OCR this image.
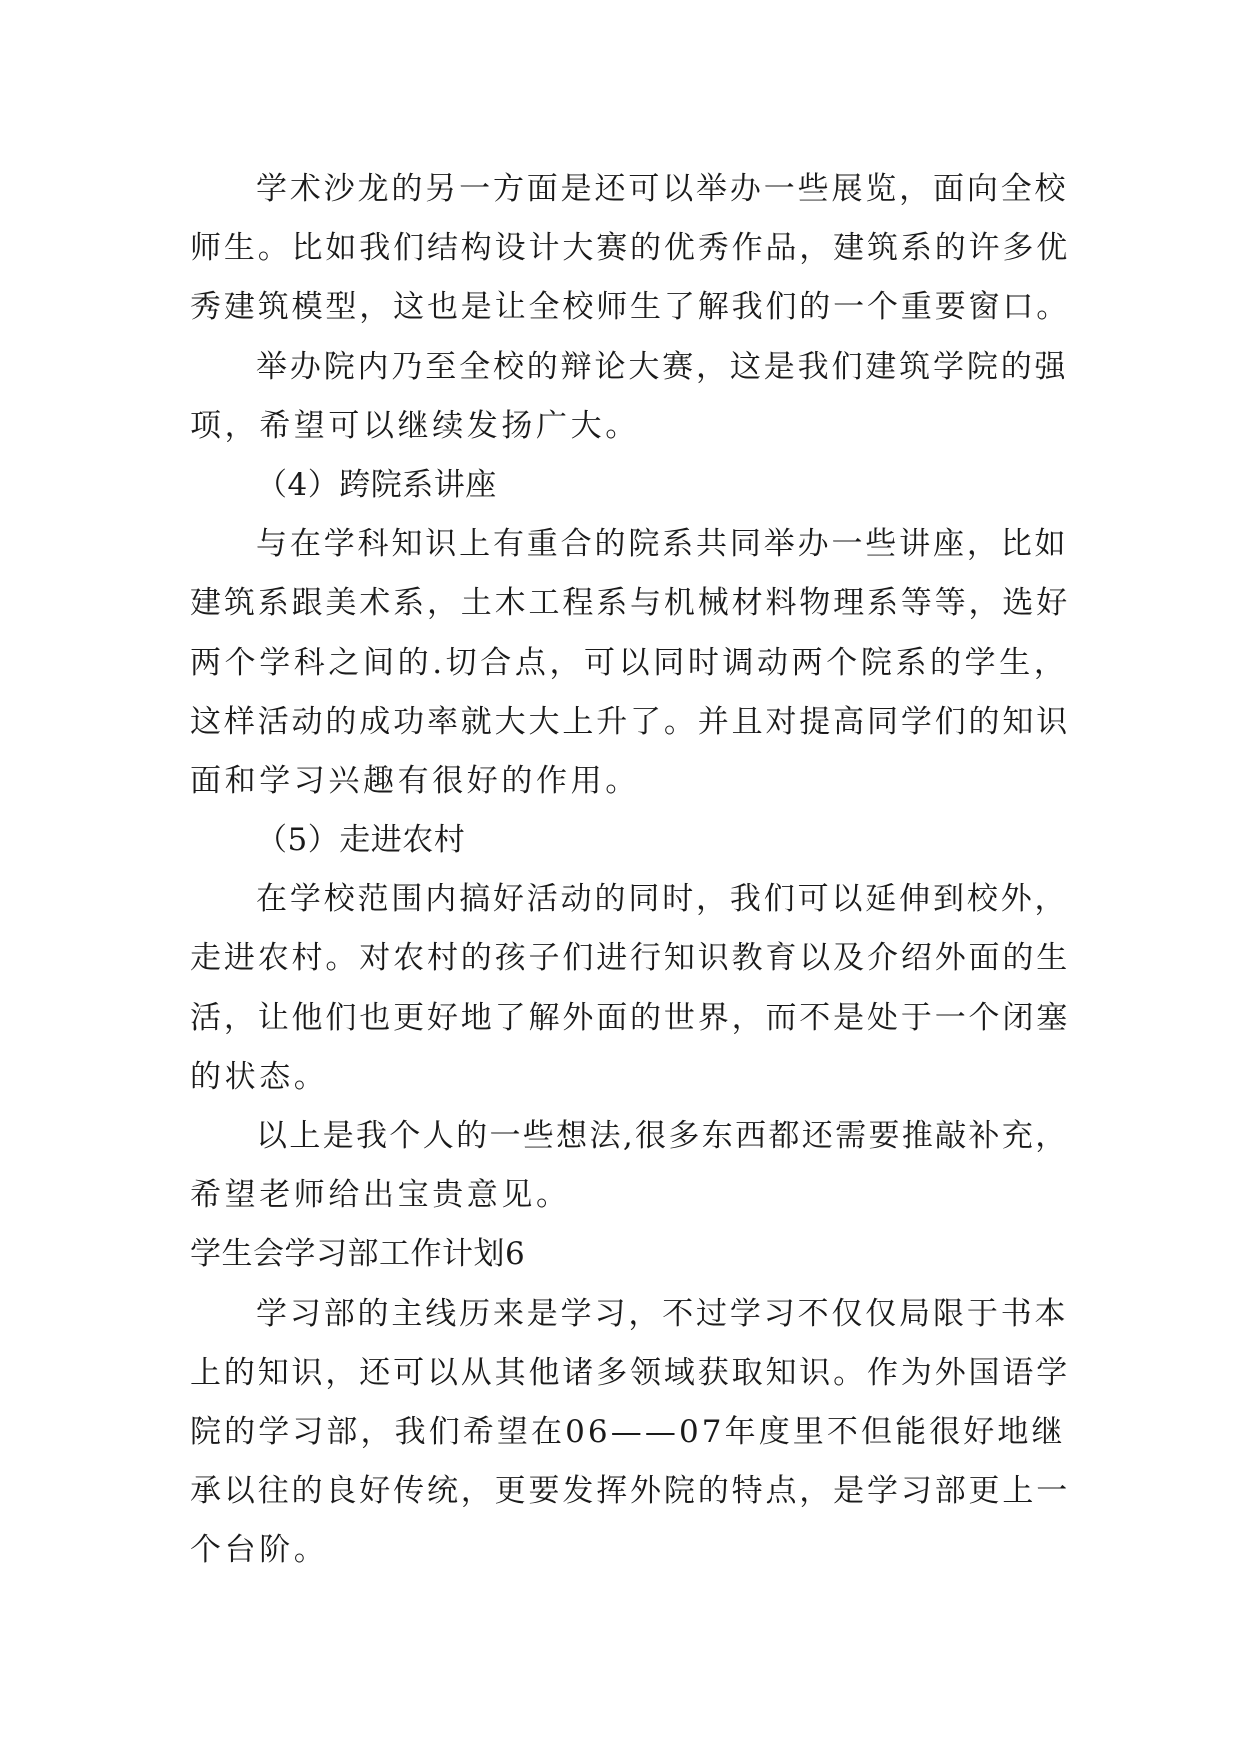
学术沙龙的另一方面是还可以举办一些展览，面向全校

师生。比如我们结构设计大赛的优秀作品，建筑系的许多优

秀建筑模型，这也是让全校师生了解我们的一个重要窗口。

举办院内乃至全校的辩论大赛，这是我们建筑学院的强

项，希望可以继续发扬广大。

（4）跨院系讲座

与在学科知识上有重合的院系共同举办一些讲座，比如

建筑系跟美术系，土木工程系与机械材料物理系等等，选好

两个学科之间的.切合点，可以同时调动两个院系的学生，

这样活动的成功率就大大上升了。并且对提高同学们的知识

面和学习兴趣有很好的作用。

（5）走进农村

在学校范围内搞好活动的同时，我们可以延伸到校外，

走进农村。对农村的孩子们进行知识教育以及介绍外面的生

活，让他们也更好地了解外面的世界，而不是处于一个闭塞

的状态。

以上是我个人的一些想法,很多东西都还需要推敲补充，

希望老师给出宝贵意见。

学生会学习部工作计划6

学习部的主线历来是学习，不过学习不仅仅局限于书本

上的知识，还可以从其他诸多领域获取知识。作为外国语学

院的学习部，我们希望在06——07年度里不但能很好地继

承以往的良好传统，更要发挥外院的特点，是学习部更上一

个台阶。
